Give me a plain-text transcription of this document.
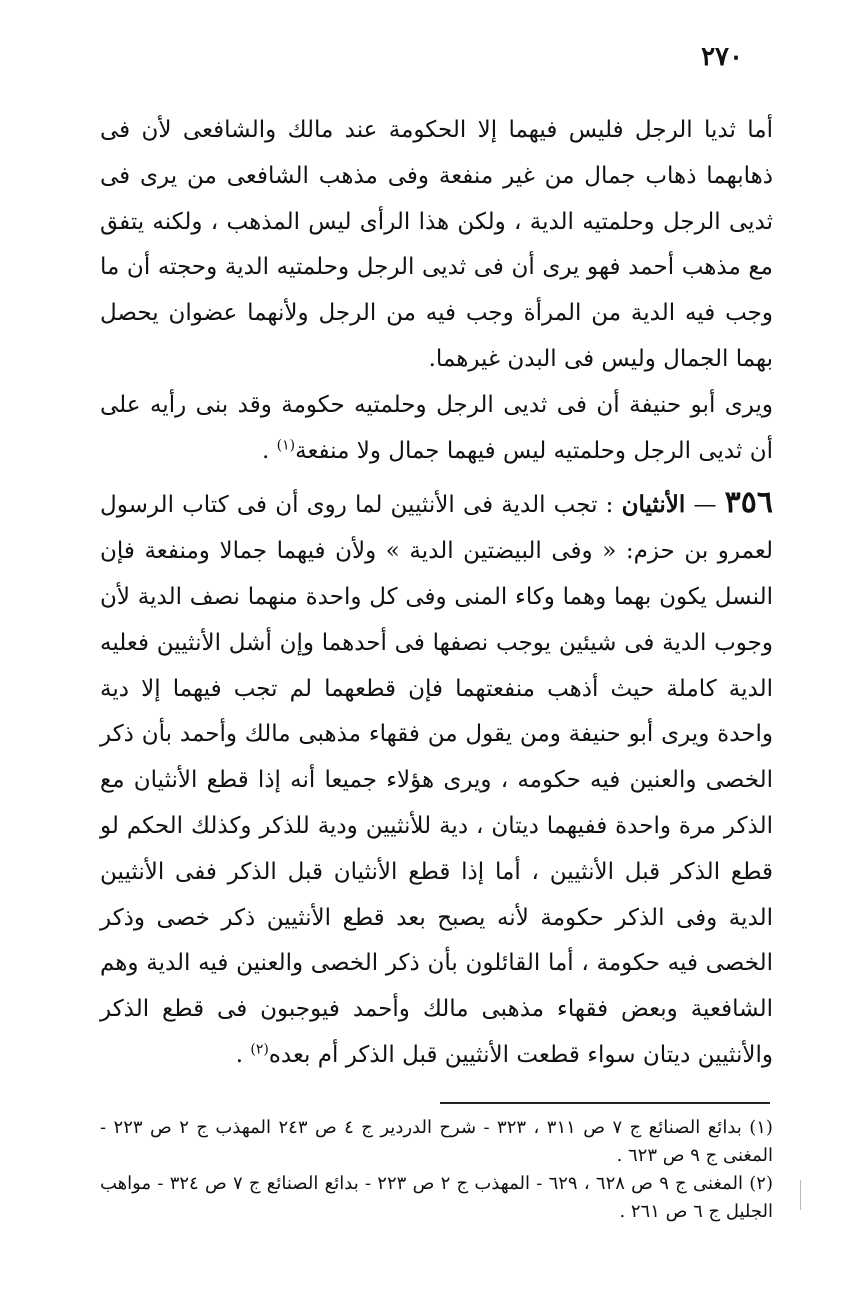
٢٧٠

أما ثديا الرجل فليس فيهما إلا الحكومة عند مالك والشافعى لأن فى ذهابهما ذهاب جمال من غير منفعة وفى مذهب الشافعى من يرى فى ثديى الرجل وحلمتيه الدية ، ولكن هذا الرأى ليس المذهب ، ولكنه يتفق مع مذهب أحمد فهو يرى أن فى ثديى الرجل وحلمتيه الدية وحجته أن ما وجب فيه الدية من المرأة وجب فيه من الرجل ولأنهما عضوان يحصل بهما الجمال وليس فى البدن غيرهما.

ويرى أبو حنيفة أن فى ثديى الرجل وحلمتيه حكومة وقد بنى رأيه على أن ثديى الرجل وحلمتيه ليس فيهما جمال ولا منفعة$^{(١)}$ .

٣٥٦ — الأنثيان : تجب الدية فى الأنثيين لما روى أن فى كتاب الرسول لعمرو بن حزم: « وفى البيضتين الدية » ولأن فيهما جمالا ومنفعة فإن النسل يكون بهما وهما وكاء المنى وفى كل واحدة منهما نصف الدية لأن وجوب الدية فى شيئين يوجب نصفها فى أحدهما وإن أشل الأنثيين فعليه الدية كاملة حيث أذهب منفعتهما فإن قطعهما لم تجب فيهما إلا دية واحدة ويرى أبو حنيفة ومن يقول من فقهاء مذهبى مالك وأحمد بأن ذكر الخصى والعنين فيه حكومه ، ويرى هؤلاء جميعا أنه إذا قطع الأنثيان مع الذكر مرة واحدة ففيهما ديتان ، دية للأنثيين ودية للذكر وكذلك الحكم لو قطع الذكر قبل الأنثيين ، أما إذا قطع الأنثيان قبل الذكر ففى الأنثيين الدية وفى الذكر حكومة لأنه يصبح بعد قطع الأنثيين ذكر خصى وذكر الخصى فيه حكومة ، أما القائلون بأن ذكر الخصى والعنين فيه الدية وهم الشافعية وبعض فقهاء مذهبى مالك وأحمد فيوجبون فى قطع الذكر والأنثيين ديتان سواء قطعت الأنثيين قبل الذكر أم بعده$^{(٢)}$ .

(١) بدائع الصنائع ج ٧ ص ٣١١ ، ٣٢٣ - شرح الدردير ج ٤ ص ٢٤٣ المهذب ج ٢ ص ٢٢٣ - المغنى ج ٩ ص ٦٢٣ .

(٢) المغنى ج ٩ ص ٦٢٨ ، ٦٢٩ - المهذب ج ٢ ص ٢٢٣ - بدائع الصنائع ج ٧ ص ٣٢٤ - مواهب الجليل ج ٦ ص ٢٦١ .
